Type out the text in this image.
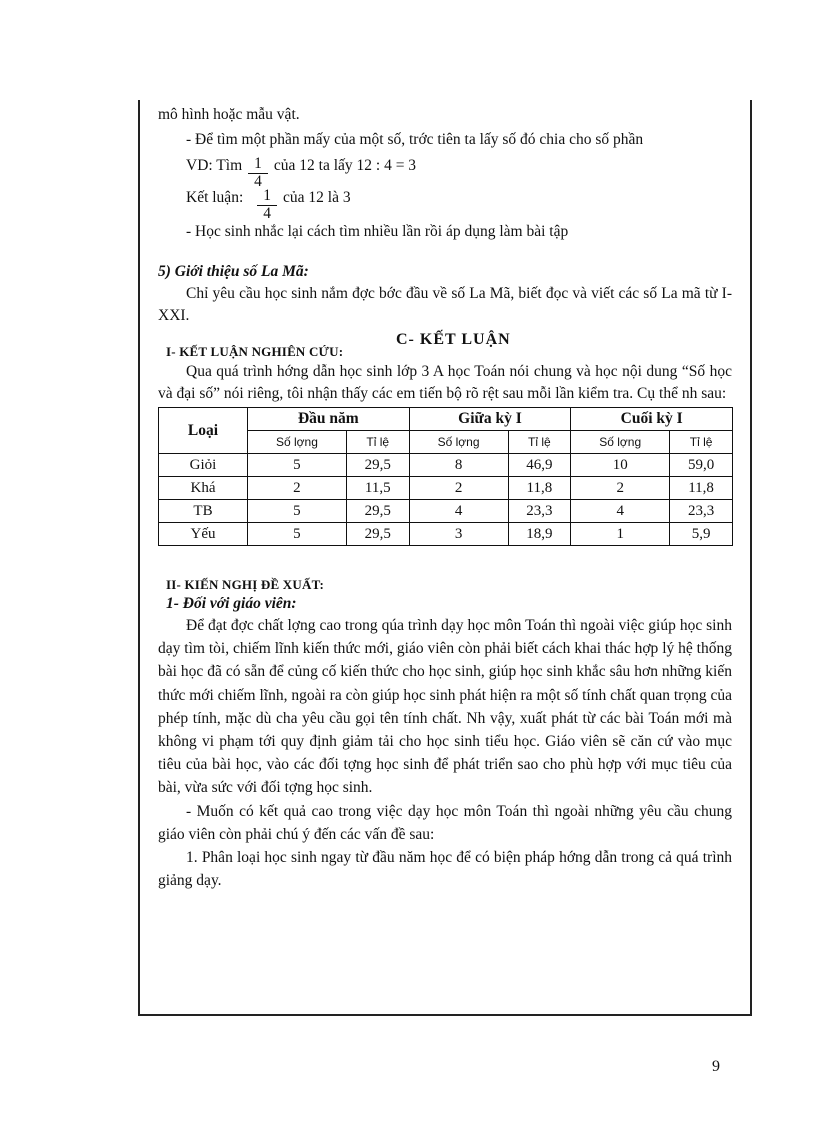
mô hình hoặc mẫu vật.

- Để tìm một phần mấy của một số, trớc tiên ta lấy số đó chia cho số phần

VD: Tìm $\frac{1}{4}$ của 12 ta lấy 12 : 4 = 3
Kết luận: $\frac{1}{4}$ của 12 là 3

- Học sinh nhắc lại cách tìm nhiều lần rồi áp dụng làm bài tập

5) Giới thiệu số La Mã:

Chỉ yêu cầu học sinh nắm đợc bớc đầu về số La Mã, biết đọc và viết các số La mã từ I- XXI.

C- KẾT LUẬN
I- KẾT LUẬN NGHIÊN CỨU:

Qua quá trình hớng dẫn học sinh lớp 3 A học Toán nói chung và học nội dung “Số học và đại số” nói riêng, tôi nhận thấy các em tiến bộ rõ rệt sau mỗi lần kiểm tra. Cụ thể nh sau:

Loại	Đầu năm		Giữa kỳ I		Cuối kỳ I	
	Số lợng	Tỉ lệ	Số lợng	Tỉ lệ	Số lợng	Tỉ lệ
Giỏi	5	29,5	8	46,9	10	59,0
Khá	2	11,5	2	11,8	2	11,8
TB	5	29,5	4	23,3	4	23,3
Yếu	5	29,5	3	18,9	1	5,9

II- KIẾN NGHỊ ĐỀ XUẤT:

1- Đối với giáo viên:

Để đạt đợc chất lợng cao trong qúa trình dạy học môn Toán thì ngoài việc giúp học sinh dạy tìm tòi, chiếm lĩnh kiến thức mới, giáo viên còn phải biết cách khai thác hợp lý hệ thống bài học đã có sẵn để củng cố kiến thức cho học sinh, giúp học sinh khắc sâu hơn những kiến thức mới chiếm lĩnh, ngoài ra còn giúp học sinh phát hiện ra một số tính chất quan trọng của phép tính, mặc dù cha yêu cầu gọi tên tính chất. Nh vậy, xuất phát từ các bài Toán mới mà không vi phạm tới quy định giảm tải cho học sinh tiểu học. Giáo viên sẽ căn cứ vào mục tiêu của bài học, vào các đối tợng học sinh để phát triển sao cho phù hợp với mục tiêu của bài, vừa sức với đối tợng học sinh.

- Muốn có kết quả cao trong việc dạy học môn Toán thì ngoài những yêu cầu chung giáo viên còn phải chú ý đến các vấn đề sau:

1. Phân loại học sinh ngay từ đầu năm học để có biện pháp hớng dẫn trong cả quá trình giảng dạy.

9
